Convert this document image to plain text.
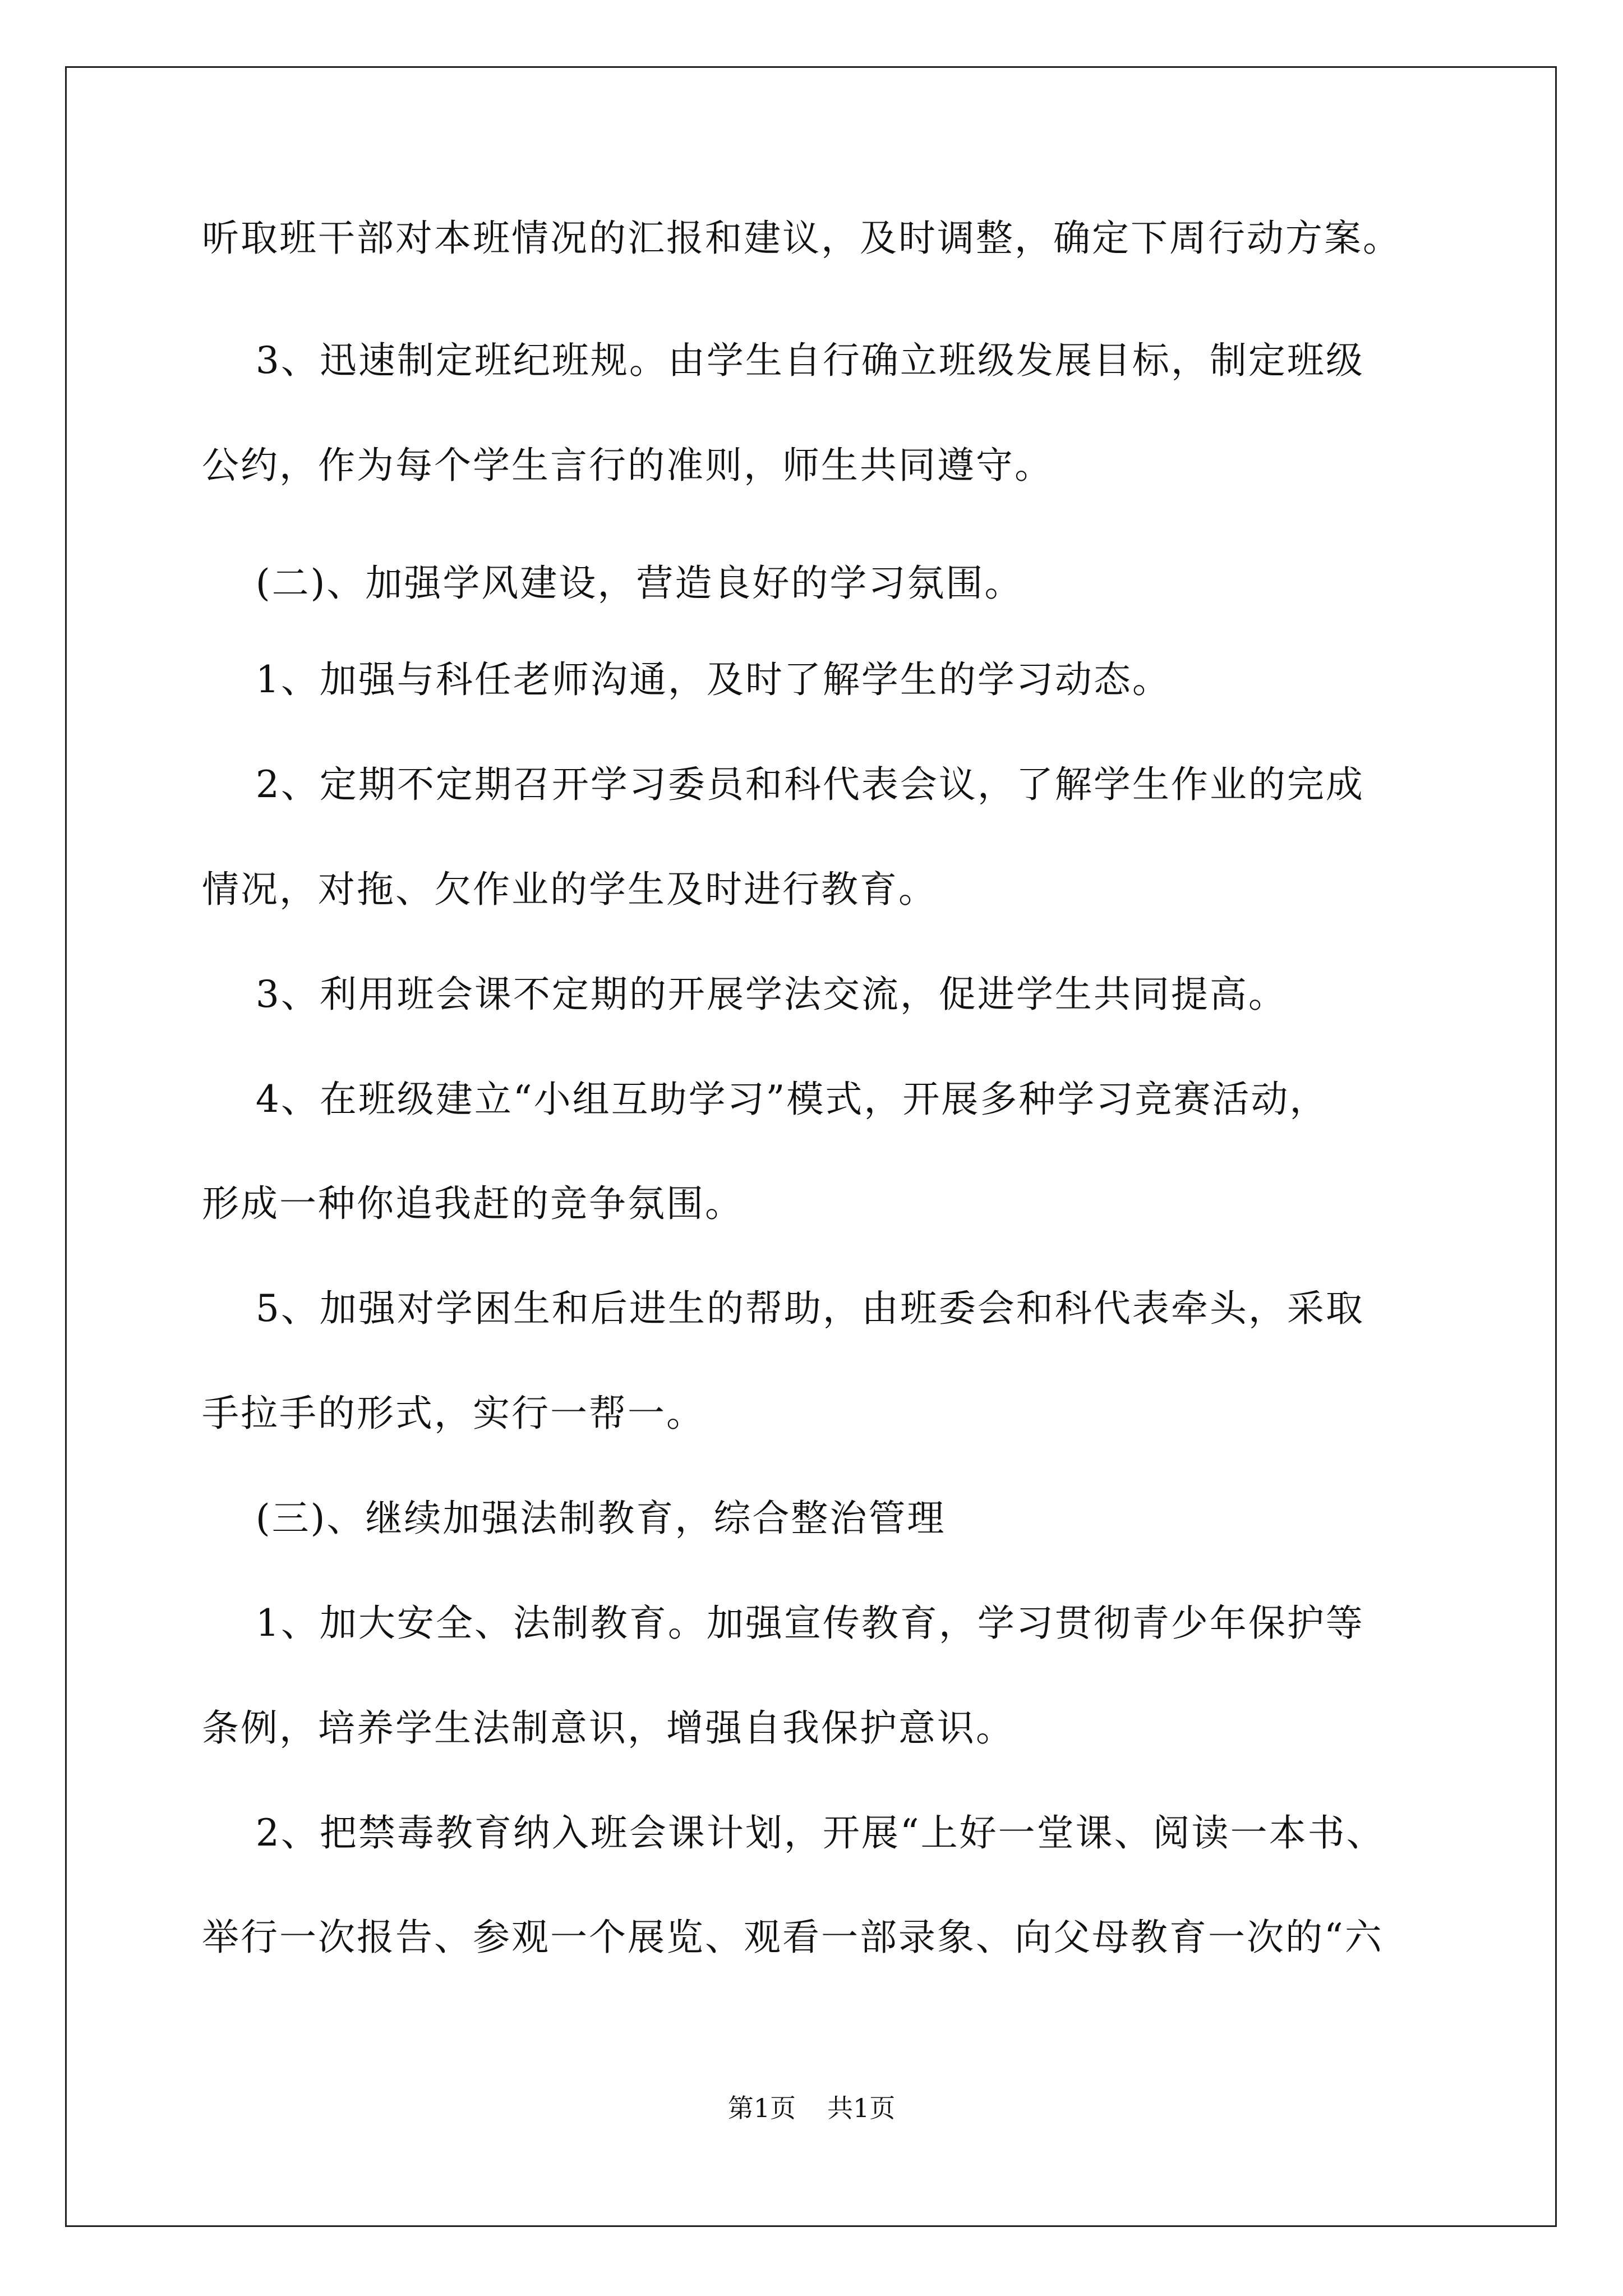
听取班干部对本班情况的汇报和建议，及时调整，确定下周行动方案。

3、迅速制定班纪班规。由学生自行确立班级发展目标，制定班级

公约，作为每个学生言行的准则，师生共同遵守。

(二)、加强学风建设，营造良好的学习氛围。

1、加强与科任老师沟通，及时了解学生的学习动态。

2、定期不定期召开学习委员和科代表会议，了解学生作业的完成

情况，对拖、欠作业的学生及时进行教育。

3、利用班会课不定期的开展学法交流，促进学生共同提高。

4、在班级建立“小组互助学习”模式，开展多种学习竞赛活动，

形成一种你追我赶的竞争氛围。

5、加强对学困生和后进生的帮助，由班委会和科代表牵头，采取

手拉手的形式，实行一帮一。

(三)、继续加强法制教育，综合整治管理

1、加大安全、法制教育。加强宣传教育，学习贯彻青少年保护等

条例，培养学生法制意识，增强自我保护意识。

2、把禁毒教育纳入班会课计划，开展“上好一堂课、阅读一本书、

举行一次报告、参观一个展览、观看一部录象、向父母教育一次的“六

第1页 共1页
